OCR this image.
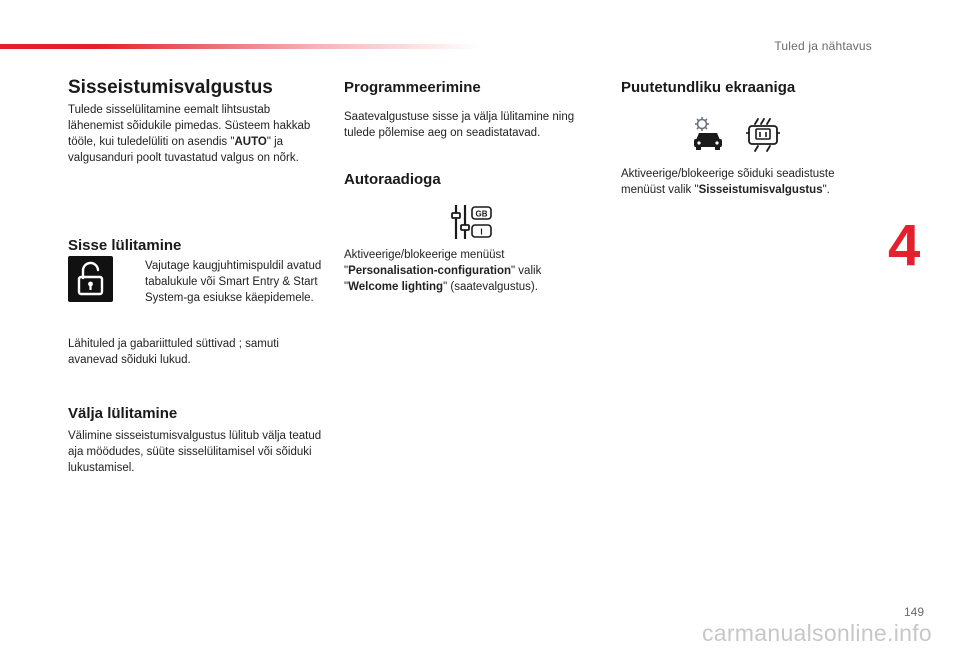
Tuled ja nähtavus
Sisseistumisvalgustus

Tulede sisselülitamine eemalt lihtsustab lähenemist sõidukile pimedas. Süsteem hakkab tööle, kui tuledelüliti on asendis "AUTO" ja valgusanduri poolt tuvastatud valgus on nõrk.

Sisse lülitamine

Vajutage kaugjuhtimispuldil avatud tabalukule või Smart Entry & Start System-ga esiukse käepidemele.

Lähituled ja gabariittuled süttivad ; samuti avanevad sõiduki lukud.

Välja lülitamine

Välimine sisseistumisvalgustus lülitub välja teatud aja möödudes, süüte sisselülitamisel või sõiduki lukustamisel.

Programmeerimine

Saatevalgustuse sisse ja välja lülitamine ning tulede põlemise aeg on seadistatavad.

Autoraadioga
GB
I

Aktiveerige/blokeerige menüüst "Personalisation-configuration" valik "Welcome lighting" (saatevalgustus).

Puutetundliku ekraaniga

Aktiveerige/blokeerige sõiduki seadistuste menüüst valik "Sisseistumisvalgustus".

4
149
carmanualsonline.info
